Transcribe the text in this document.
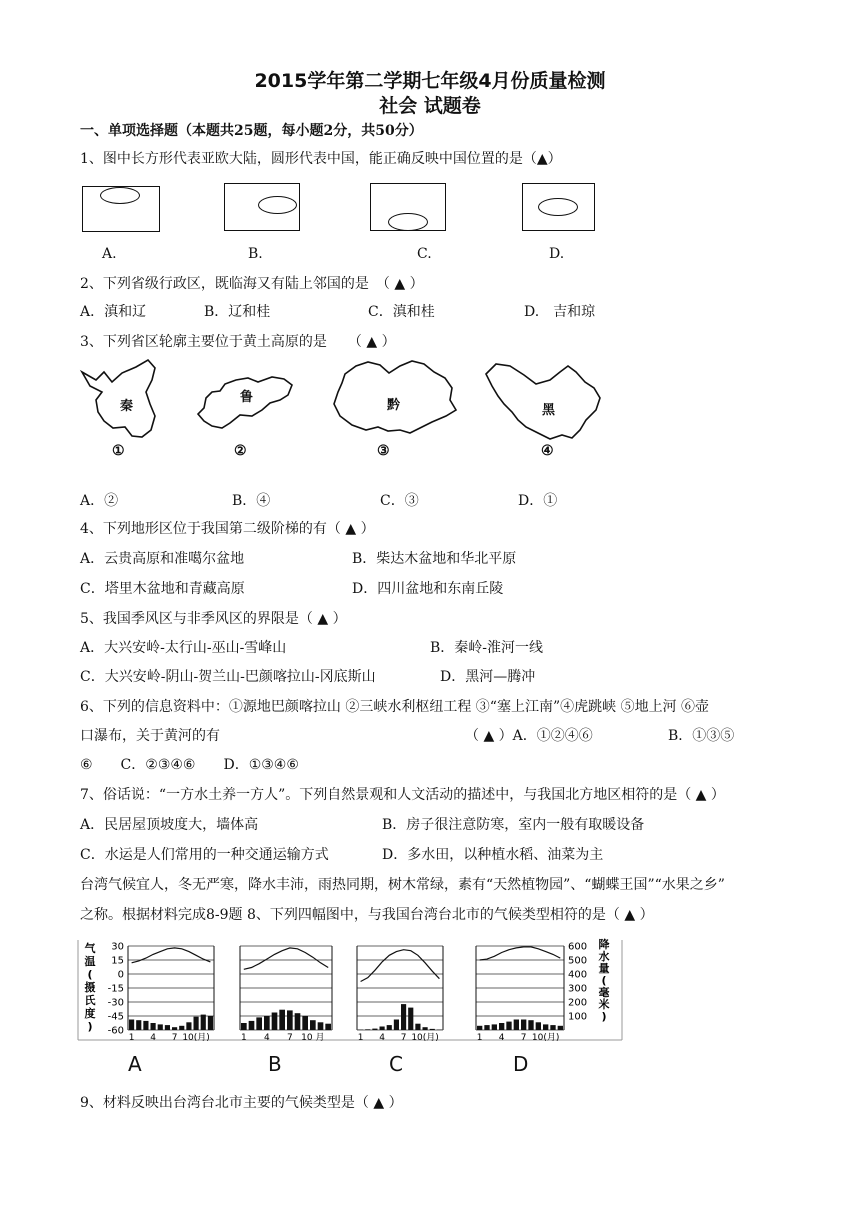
2015学年第二学期七年级4月份质量检测
社会 试题卷
一、单项选择题（本题共25题，每小题2分，共50分）
1、图中长方形代表亚欧大陆，圆形代表中国，能正确反映中国位置的是（▲）
A.	B.	C.	D.
2、下列省级行政区，既临海又有陆上邻国的是　（ ▲ ）
A．滇和辽	B．辽和桂	C．滇和桂	D.　吉和琼
3、下列省区轮廓主要位于黄土高原的是　　（ ▲ ）
秦
鲁
黔	黑
①	②	③	④
A．②	B．④	C．③	D．①
4、下列地形区位于我国第二级阶梯的有（ ▲ ）
A．云贵高原和准噶尔盆地	B．柴达木盆地和华北平原
C．塔里木盆地和青藏高原	D．四川盆地和东南丘陵
5、我国季风区与非季风区的界限是（ ▲ ）
A．大兴安岭-太行山-巫山-雪峰山	B．秦岭-淮河一线
C．大兴安岭-阴山-贺兰山-巴颜喀拉山-冈底斯山	D．黑河—腾冲
6、下列的信息资料中：①源地巴颜喀拉山 ②三峡水利枢纽工程 ③“塞上江南”④虎跳峡 ⑤地上河 ⑥壶
口瀑布，关于黄河的有	（ ▲ ）A．①②④⑥	B．①③⑤
⑥　　C．②③④⑥　　D．①③④⑥
7、俗话说：“一方水土养一方人”。下列自然景观和人文活动的描述中，与我国北方地区相符的是（ ▲ ）
A．民居屋顶坡度大，墙体高	B．房子很注意防寒，室内一般有取暖设备
C．水运是人们常用的一种交通运输方式	D．多水田，以种植水稻、油菜为主
台湾气候宜人，冬无严寒，降水丰沛，雨热同期，树木常绿，素有“天然植物园”、“蝴蝶王国”“水果之乡”
之称。根据材料完成8-9题 8、下列四幅图中，与我国台湾台北市的气候类型相符的是（ ▲ ）
气
温
(
摄
氏
度
)
30
15
0
-15
-30
-45
-60
降
水
量
(
毫
米
)
600
500
400
300
200
100
1 4 7 10(月)	1 4 7 10 月	1 4 7 10(月)	1 4 7 10(月)
A	B	C	D
9、材料反映出台湾台北市主要的气候类型是（ ▲ ）
